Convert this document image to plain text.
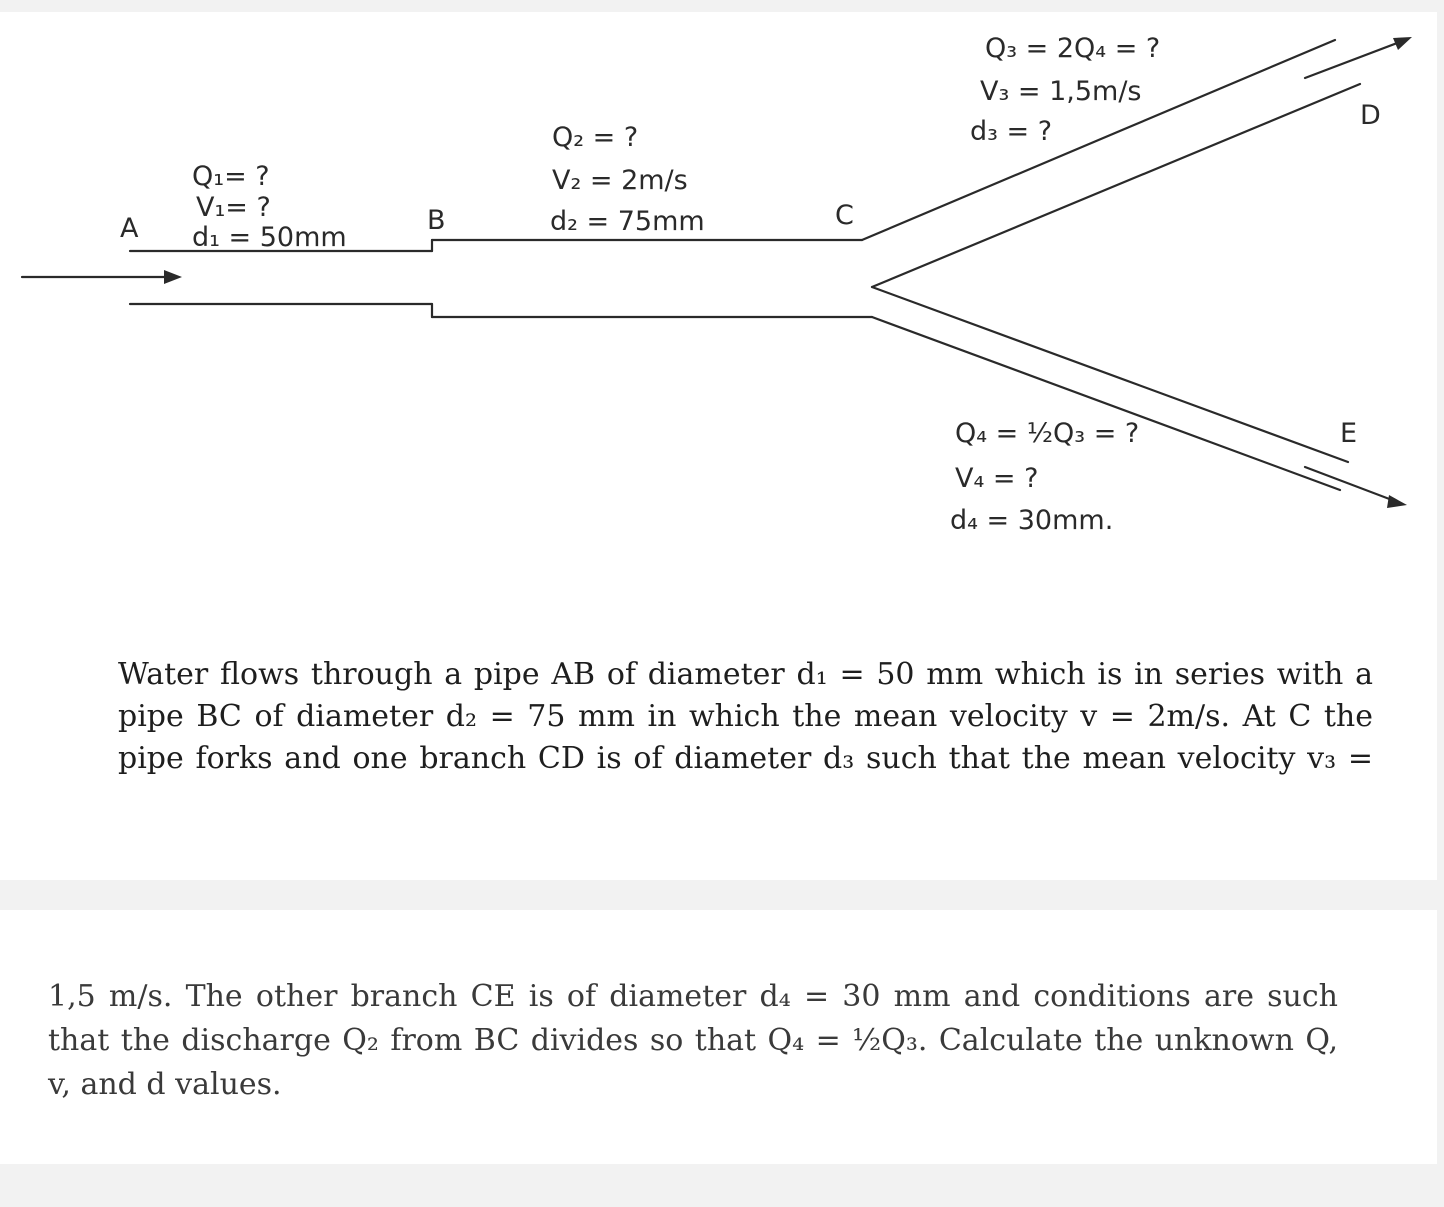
A	B	C
D
E
Q₁= ?
V₁= ?
d₁ = 50mm
Q₂ = ?
V₂ = 2m/s
d₂ = 75mm
Q₃ = 2Q₄ = ?
V₃ = 1,5m/s
d₃ = ?
Q₄ = ½Q₃ = ?
V₄ = ?
d₄ = 30mm.
Water flows through a pipe AB of diameter d₁ = 50 mm which is in series with a
pipe BC of diameter d₂ = 75 mm in which the mean velocity v = 2m/s. At C the
pipe forks and one branch CD is of diameter d₃ such that the mean velocity v₃ =
1,5 m/s. The other branch CE is of diameter d₄ = 30 mm and conditions are such
that the discharge Q₂ from BC divides so that Q₄ = ½Q₃. Calculate the unknown Q,
v, and d values.
